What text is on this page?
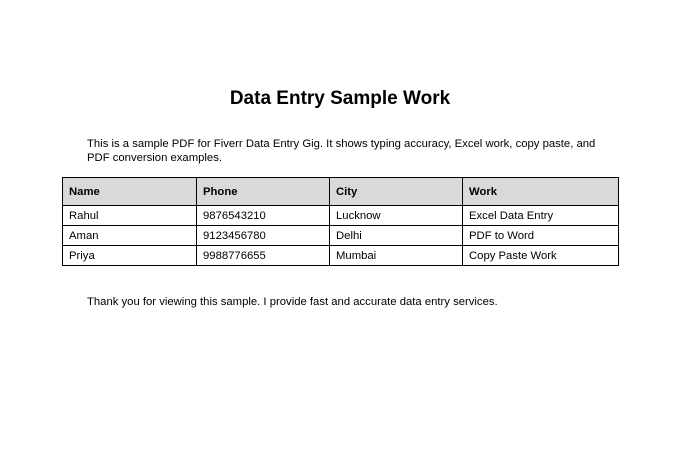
Data Entry Sample Work

This is a sample PDF for Fiverr Data Entry Gig. It shows typing accuracy, Excel work, copy paste, and PDF conversion examples.

Name	Phone	City	Work
Rahul	9876543210	Lucknow	Excel Data Entry
Aman	9123456780	Delhi	PDF to Word
Priya	9988776655	Mumbai	Copy Paste Work

Thank you for viewing this sample. I provide fast and accurate data entry services.
